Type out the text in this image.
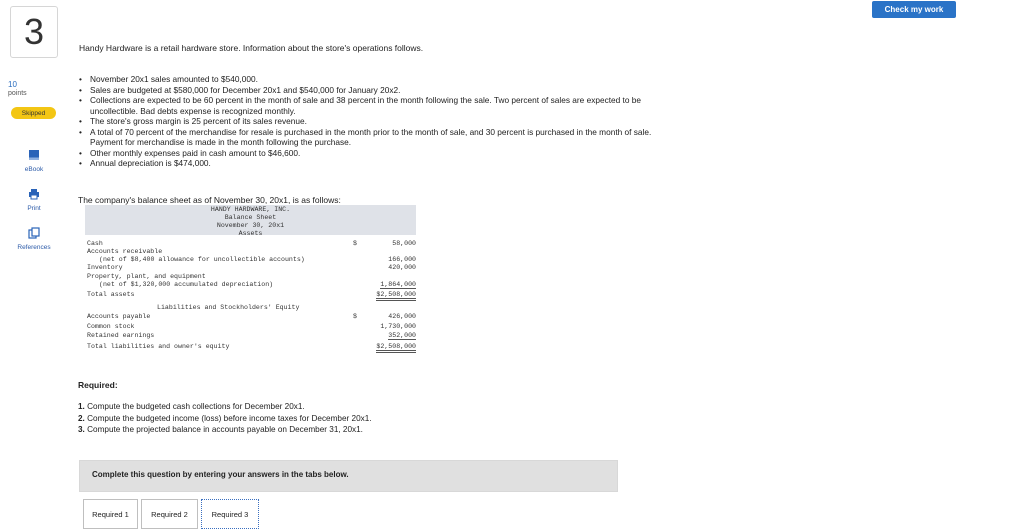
3
Check my work
10
points
Skipped
eBook
Print
References
Handy Hardware is a retail hardware store. Information about the store's operations follows.
• November 20x1 sales amounted to $540,000.
• Sales are budgeted at $580,000 for December 20x1 and $540,000 for January 20x2.
• Collections are expected to be 60 percent in the month of sale and 38 percent in the month following the sale. Two percent of sales are expected to be uncollectible. Bad debts expense is recognized monthly.
• The store's gross margin is 25 percent of its sales revenue.
• A total of 70 percent of the merchandise for resale is purchased in the month prior to the month of sale, and 30 percent is purchased in the month of sale. Payment for merchandise is made in the month following the purchase.
• Other monthly expenses paid in cash amount to $46,600.
• Annual depreciation is $474,000.
The company's balance sheet as of November 30, 20x1, is as follows:
HANDY HARDWARE, INC.
Balance Sheet
November 30, 20x1
Assets
Cash	$	58,000
Accounts receivable
(net of $8,400 allowance for uncollectible accounts)	166,000
Inventory	420,000
Property, plant, and equipment
(net of $1,320,000 accumulated depreciation)	1,864,000
Total assets	$2,508,000
Liabilities and Stockholders' Equity
Accounts payable	$	426,000
Common stock	1,730,000
Retained earnings	352,000
Total liabilities and owner's equity	$2,508,000
Required:
1. Compute the budgeted cash collections for December 20x1.
2. Compute the budgeted income (loss) before income taxes for December 20x1.
3. Compute the projected balance in accounts payable on December 31, 20x1.
Complete this question by entering your answers in the tabs below.
Required 1	Required 2	Required 3
